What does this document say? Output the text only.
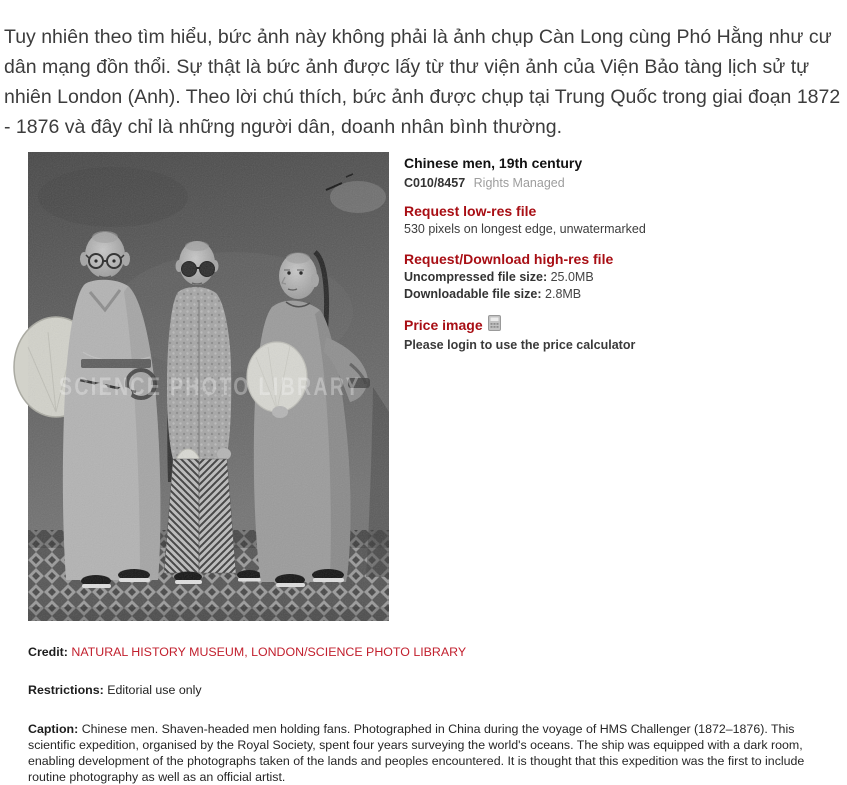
Tuy nhiên theo tìm hiểu, bức ảnh này không phải là ảnh chụp Càn Long cùng Phó Hằng như cư dân mạng đồn thổi. Sự thật là bức ảnh được lấy từ thư viện ảnh của Viện Bảo tàng lịch sử tự nhiên London (Anh). Theo lời chú thích, bức ảnh được chụp tại Trung Quốc trong giai đoạn 1872 - 1876 và đây chỉ là những người dân, doanh nhân bình thường.

Chinese men, 19th century

C010/8457 Rights Managed

Request low-res file

530 pixels on longest edge, unwatermarked

Request/Download high-res file

Uncompressed file size: 25.0MB

Downloadable file size: 2.8MB

Price image

Please login to use the price calculator

Credit: NATURAL HISTORY MUSEUM, LONDON/SCIENCE PHOTO LIBRARY

Restrictions: Editorial use only

Caption: Chinese men. Shaven-headed men holding fans. Photographed in China during the voyage of HMS Challenger (1872–1876). This scientific expedition, organised by the Royal Society, spent four years surveying the world's oceans. The ship was equipped with a dark room, enabling development of the photographs taken of the lands and peoples encountered. It is thought that this expedition was the first to include routine photography as well as an official artist.
